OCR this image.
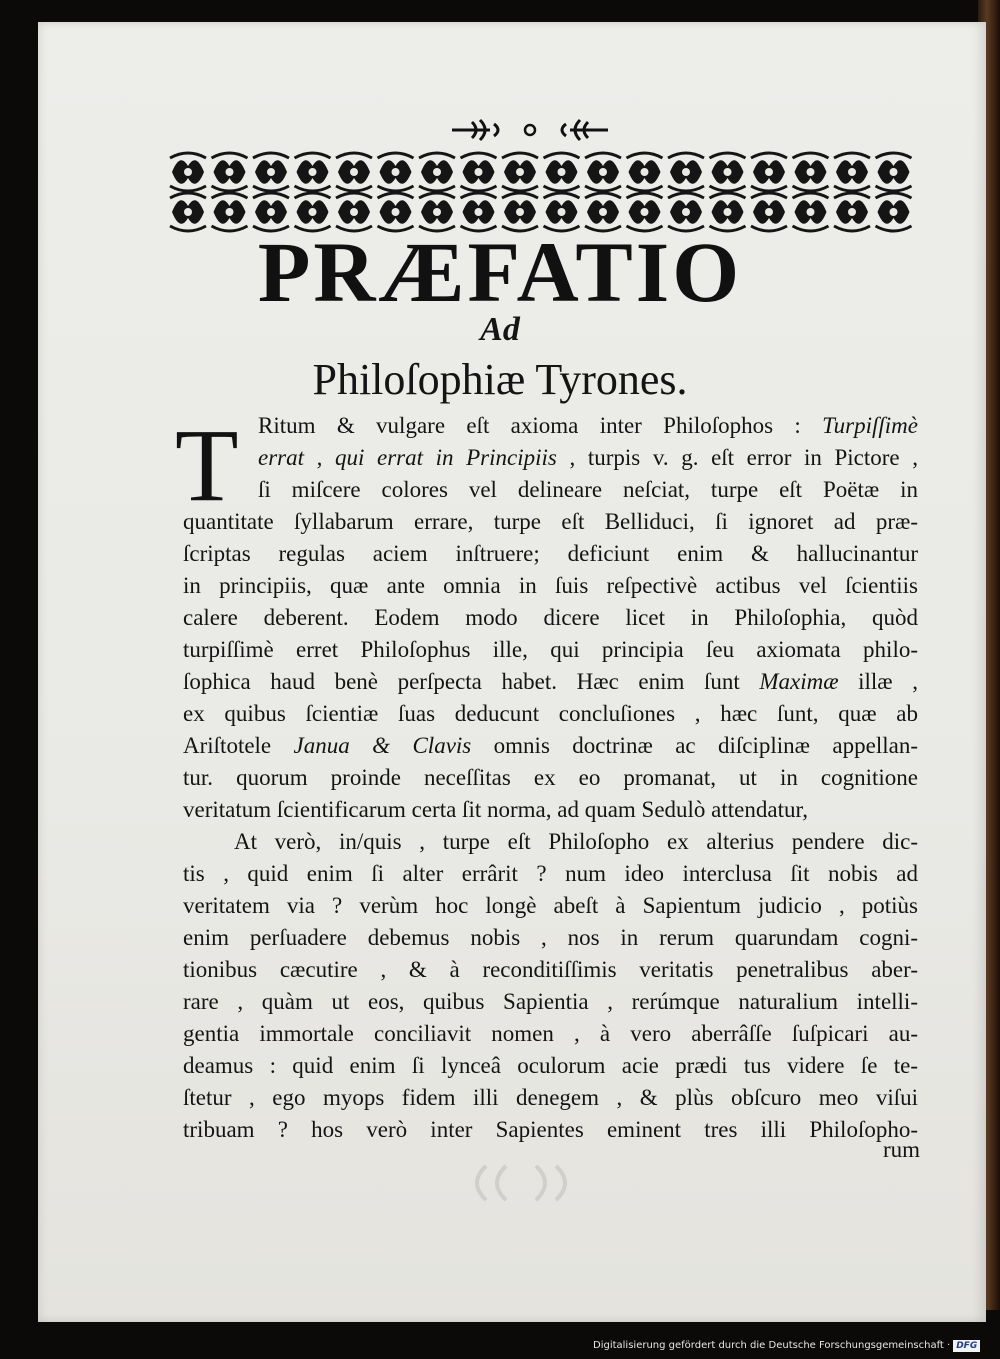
PRÆFATIO
Ad
Philoſophiæ Tyrones.
T Ritum & vulgare eſt axioma inter Philoſophos : Turpiſſimè
errat , qui errat in Principiis , turpis v. g. eſt error in Pictore ,
ſi miſcere colores vel delineare neſciat, turpe eſt Poëtæ in
quantitate ſyllabarum errare, turpe eſt Belliduci, ſi ignoret ad præ-
ſcriptas regulas aciem inſtruere; deficiunt enim & hallucinantur
in principiis, quæ ante omnia in ſuis reſpectivè actibus vel ſcientiis
calere deberent. Eodem modo dicere licet in Philoſophia, quòd
turpiſſimè erret Philoſophus ille, qui principia ſeu axiomata philo-
ſophica haud benè perſpecta habet. Hæc enim ſunt Maximæ illæ ,
ex quibus ſcientiæ ſuas deducunt concluſiones , hæc ſunt, quæ ab
Ariſtotele Janua & Clavis omnis doctrinæ ac diſciplinæ appellan-
tur. quorum proinde neceſſitas ex eo promanat, ut in cognitione
veritatum ſcientificarum certa ſit norma, ad quam Sedulò attendatur,
At verò, in/quis , turpe eſt Philoſopho ex alterius pendere dic-
tis , quid enim ſi alter errârit ? num ideo interclusa ſit nobis ad
veritatem via ? verùm hoc longè abeſt à Sapientum judicio , potiùs
enim perſuadere debemus nobis , nos in rerum quarundam cogni-
tionibus cæcutire , & à reconditiſſimis veritatis penetralibus aber-
rare , quàm ut eos, quibus Sapientia , rerúmque naturalium intelli-
gentia immortale conciliavit nomen , à vero aberrâſſe ſuſpicari au-
deamus : quid enim ſi lynceâ oculorum acie prædi tus videre ſe te-
ſtetur , ego myops fidem illi denegem , & plùs obſcuro meo viſui
tribuam ? hos verò inter Sapientes eminent tres illi Philoſopho-
rum
Digitalisierung gefördert durch die Deutsche Forschungsgemeinschaft · DFG
